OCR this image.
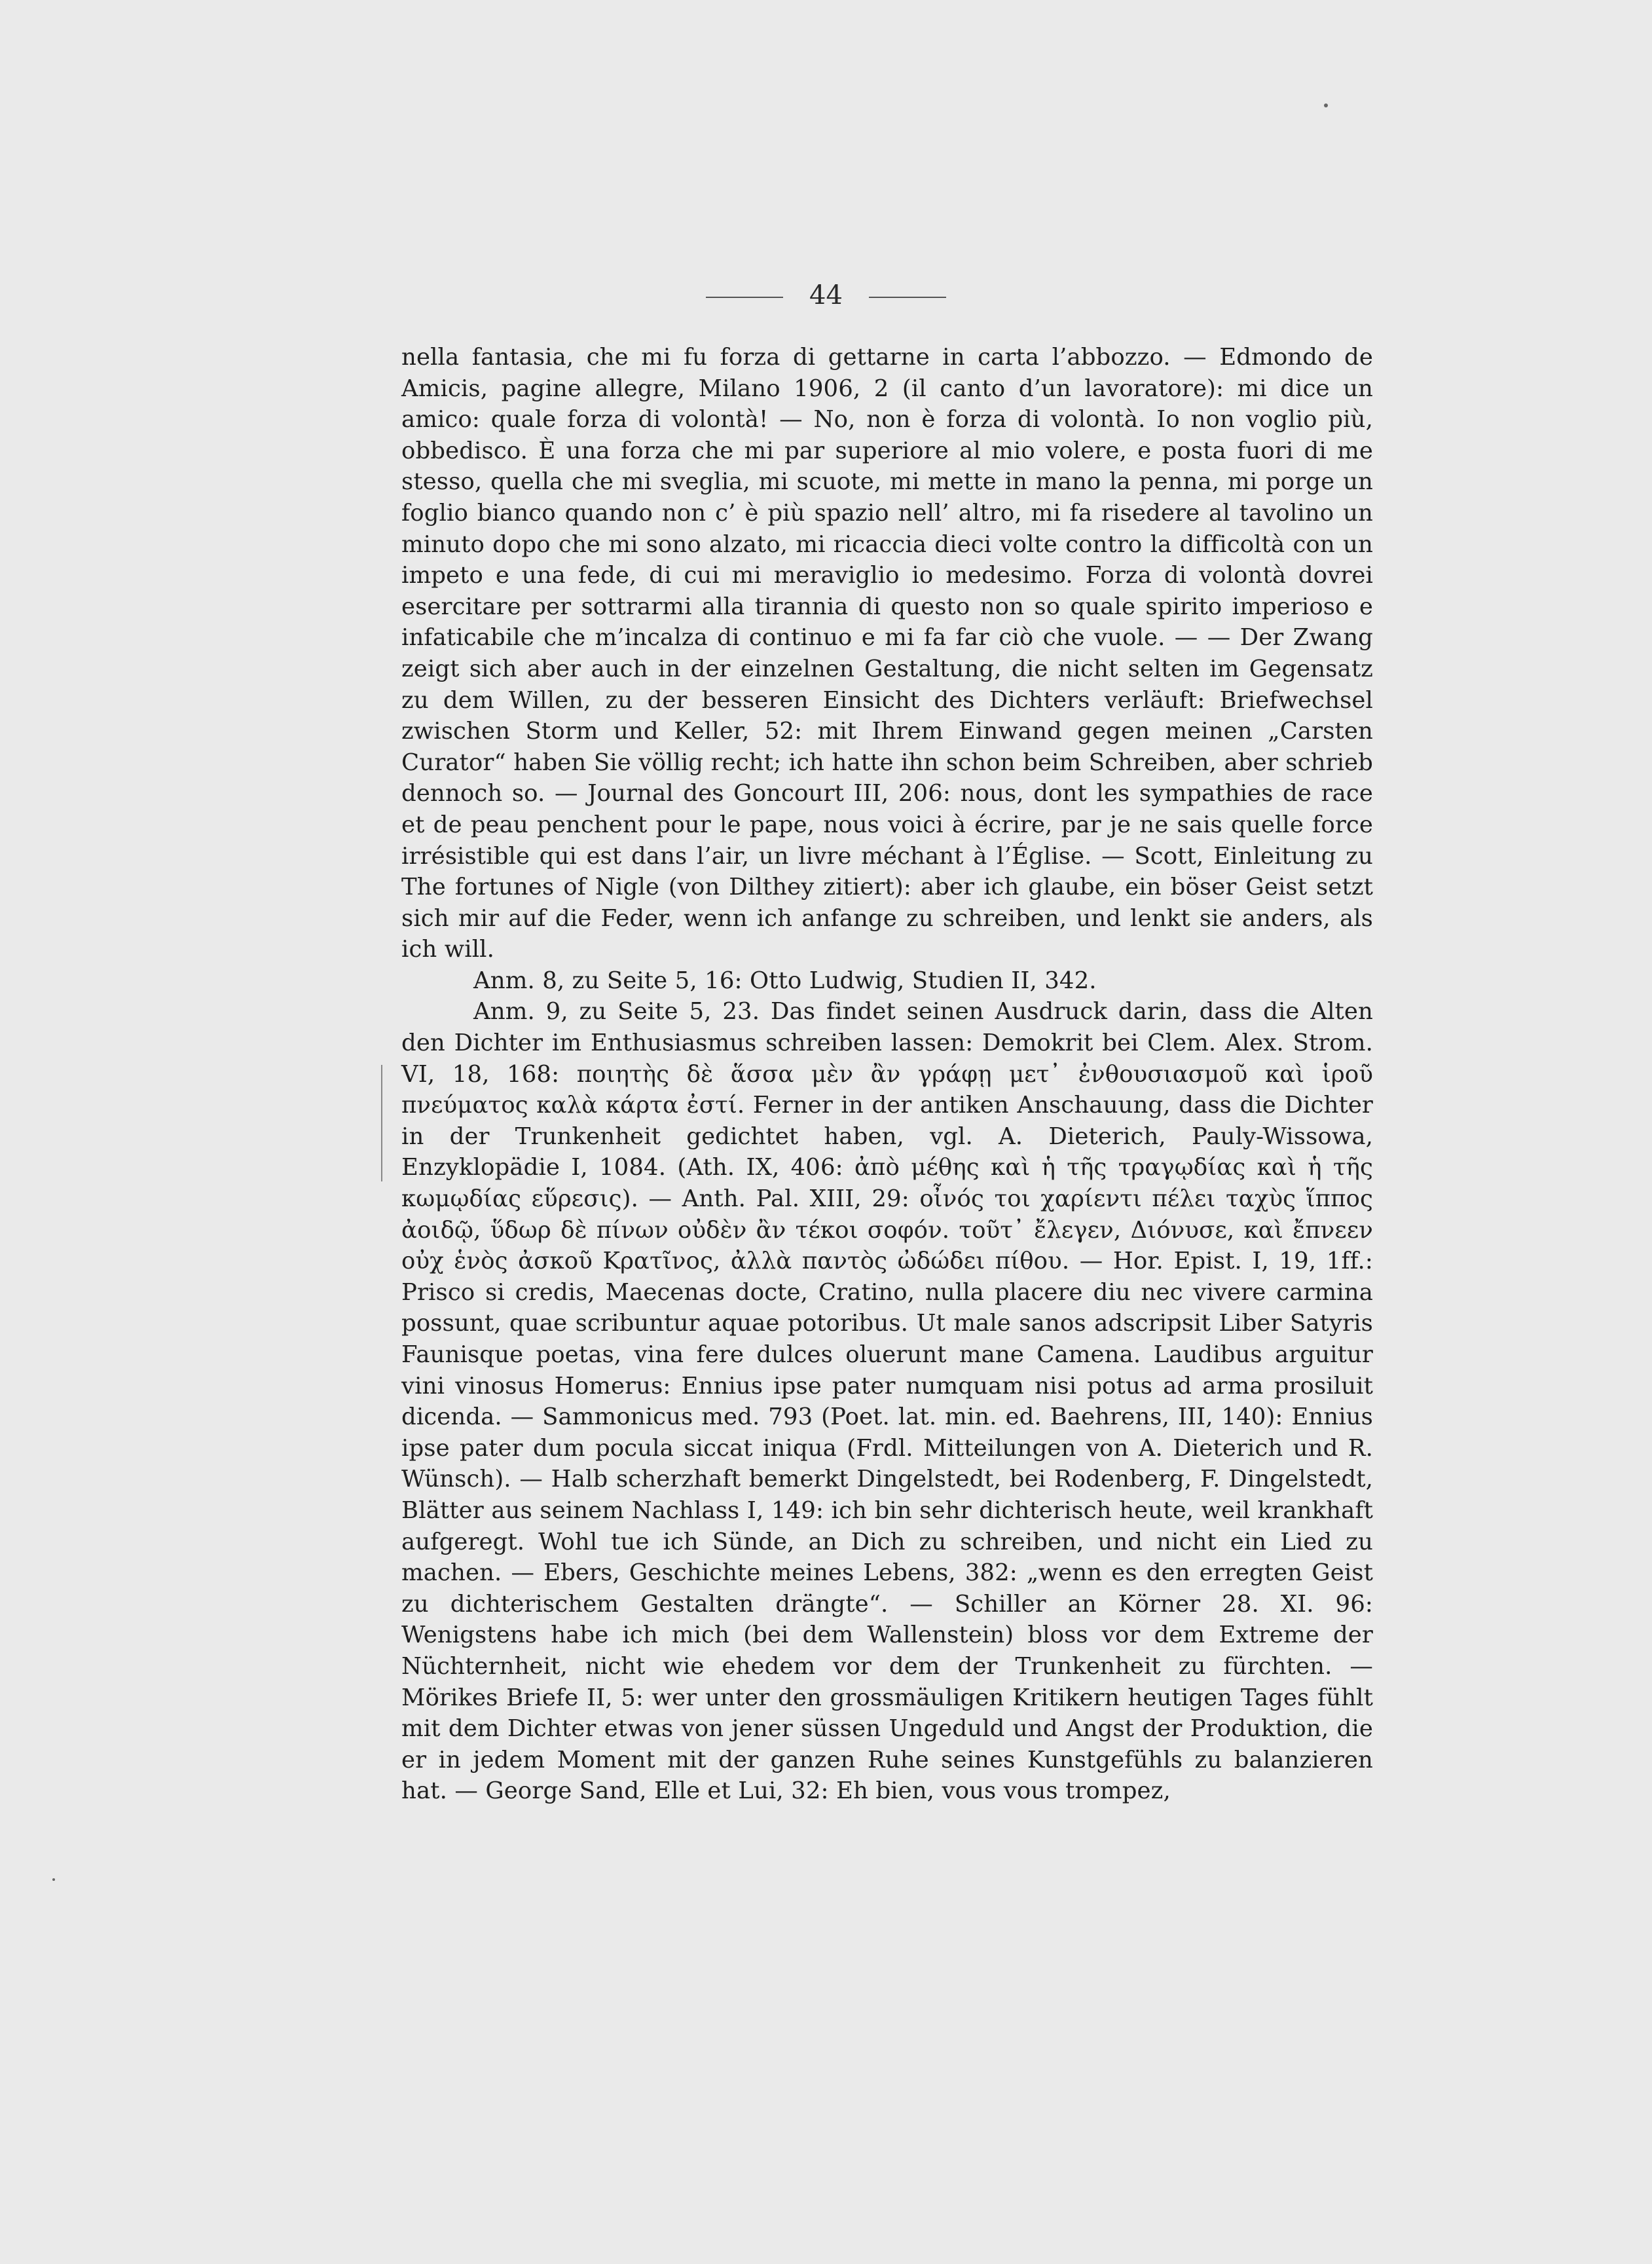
44

nella fantasia, che mi fu forza di gettarne in carta l’abbozzo. — Edmondo de Amicis, pagine allegre, Milano 1906, 2 (il canto d’un lavoratore): mi dice un amico: quale forza di volontà! — No, non è forza di volontà. Io non voglio più, obbedisco. È una forza che mi par superiore al mio volere, e posta fuori di me stesso, quella che mi sveglia, mi scuote, mi mette in mano la penna, mi porge un foglio bianco quando non c’ è più spazio nell’ altro, mi fa risedere al tavolino un minuto dopo che mi sono alzato, mi ricaccia dieci volte contro la difficoltà con un impeto e una fede, di cui mi meraviglio io medesimo. Forza di volontà dovrei esercitare per sottrarmi alla tirannia di questo non so quale spirito imperioso e infaticabile che m’incalza di continuo e mi fa far ciò che vuole. — — Der Zwang zeigt sich aber auch in der einzelnen Gestaltung, die nicht selten im Gegensatz zu dem Willen, zu der besseren Einsicht des Dichters verläuft: Briefwechsel zwischen Storm und Keller, 52: mit Ihrem Einwand gegen meinen „Carsten Curator“ haben Sie völlig recht; ich hatte ihn schon beim Schreiben, aber schrieb dennoch so. — Journal des Goncourt III, 206: nous, dont les sympathies de race et de peau penchent pour le pape, nous voici à écrire, par je ne sais quelle force irrésistible qui est dans l’air, un livre méchant à l’Église. — Scott, Einleitung zu The fortunes of Nigle (von Dilthey zitiert): aber ich glaube, ein böser Geist setzt sich mir auf die Feder, wenn ich anfange zu schreiben, und lenkt sie anders, als ich will.

Anm. 8, zu Seite 5, 16: Otto Ludwig, Studien II, 342.

Anm. 9, zu Seite 5, 23. Das findet seinen Ausdruck darin, dass die Alten den Dichter im Enthusiasmus schreiben lassen: Demokrit bei Clem. Alex. Strom. VI, 18, 168: ποιητὴς δὲ ἅσσα μὲν ἂν γράφῃ μετ᾽ ἐνθουσιασμοῦ καὶ ἱροῦ πνεύματος καλὰ κάρτα ἐστί. Ferner in der antiken Anschauung, dass die Dichter in der Trunkenheit gedichtet haben, vgl. A. Dieterich, Pauly-Wissowa, Enzyklopädie I, 1084. (Ath. IX, 406: ἀπὸ μέθης καὶ ἡ τῆς τραγῳδίας καὶ ἡ τῆς κωμῳδίας εὕρεσις). — Anth. Pal. XIII, 29: οἶνός τοι χαρίεντι πέλει ταχὺς ἵππος ἀοιδῷ, ὕδωρ δὲ πίνων οὐδὲν ἂν τέκοι σοφόν. τοῦτ᾽ ἔλεγεν, Διόνυσε, καὶ ἔπνεεν οὐχ ἑνὸς ἀσκοῦ Κρατῖνος, ἀλλὰ παντὸς ὠδώδει πίθου. — Hor. Epist. I, 19, 1ff.: Prisco si credis, Maecenas docte, Cratino, nulla placere diu nec vivere carmina possunt, quae scribuntur aquae potoribus. Ut male sanos adscripsit Liber Satyris Faunisque poetas, vina fere dulces oluerunt mane Camena. Laudibus arguitur vini vinosus Homerus: Ennius ipse pater numquam nisi potus ad arma prosiluit dicenda. — Sammonicus med. 793 (Poet. lat. min. ed. Baehrens, III, 140): Ennius ipse pater dum pocula siccat iniqua (Frdl. Mitteilungen von A. Dieterich und R. Wünsch). — Halb scherzhaft bemerkt Dingelstedt, bei Rodenberg, F. Dingelstedt, Blätter aus seinem Nachlass I, 149: ich bin sehr dichterisch heute, weil krankhaft aufgeregt. Wohl tue ich Sünde, an Dich zu schreiben, und nicht ein Lied zu machen. — Ebers, Geschichte meines Lebens, 382: „wenn es den erregten Geist zu dichterischem Gestalten drängte“. — Schiller an Körner 28. XI. 96: Wenigstens habe ich mich (bei dem Wallenstein) bloss vor dem Extreme der Nüchternheit, nicht wie ehedem vor dem der Trunkenheit zu fürchten. — Mörikes Briefe II, 5: wer unter den grossmäuligen Kritikern heutigen Tages fühlt mit dem Dichter etwas von jener süssen Ungeduld und Angst der Produktion, die er in jedem Moment mit der ganzen Ruhe seines Kunstgefühls zu balanzieren hat. — George Sand, Elle et Lui, 32: Eh bien, vous vous trompez,
